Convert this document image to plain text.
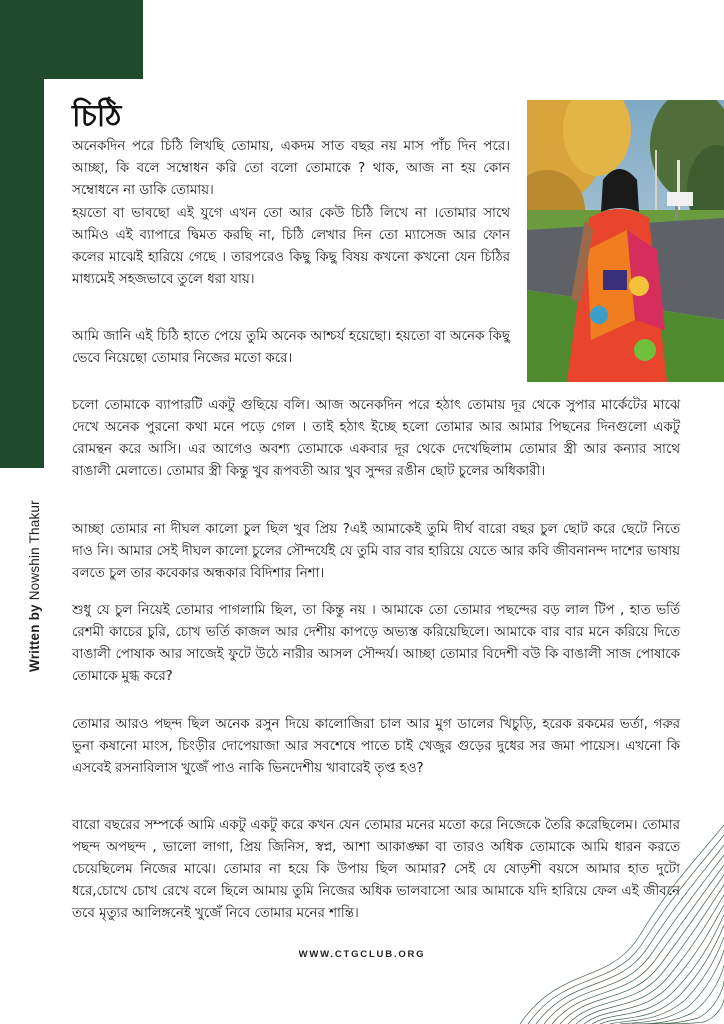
Written by Nowshin Thakur
চিঠি

অনেকদিন পরে চিঠি লিখছি তোমায়, একদম সাত বছর নয় মাস পাঁচ দিন পরে।আচ্ছা, কি বলে সম্বোধন করি তো বলো তোমাকে ? থাক, আজ না হয় কোন সম্বোধনে না ডাকি তোমায়।

হয়তো বা ভাবছো এই যুগে এখন তো আর কেউ চিঠি লিখে না ।তোমার সাথে আমিও এই ব্যাপারে দ্বিমত করছি না, চিঠি লেখার দিন তো ম্যাসেজ আর ফোন কলের মাঝেই হারিয়ে গেছে । তারপরেও কিছু কিছু বিষয় কখনো কখনো যেন চিঠির মাধ্যমেই সহজভাবে তুলে ধরা যায়।

আমি জানি এই চিঠি হাতে পেয়ে তুমি অনেক আশ্চর্য হয়েছো। হয়তো বা অনেক কিছু ভেবে নিয়েছো তোমার নিজের মতো করে।

চলো তোমাকে ব্যাপারটি একটু গুছিয়ে বলি। আজ অনেকদিন পরে হঠাৎ তোমায় দূর থেকে সুপার মার্কেটের মাঝে দেখে অনেক পুরনো কথা মনে পড়ে গেল । তাই হঠাৎ ইচ্ছে হলো তোমার আর আমার পিছনের দিনগুলো একটু রোমন্থন করে আসি। এর আগেও অবশ্য তোমাকে একবার দূর থেকে দেখেছিলাম তোমার স্ত্রী আর কন্যার সাথে বাঙালী মেলাতে। তোমার স্ত্রী কিন্তু খুব রূপবতী আর খুব সুন্দর রঙীন ছোট চুলের অধিকারী।

আচ্ছা তোমার না দীঘল কালো চুল ছিল খুব প্রিয় ?এই আমাকেই তুমি দীর্ঘ বারো বছর চুল ছোট করে ছেটে নিতে দাও নি। আমার সেই দীঘল কালো চুলের সৌন্দর্যেই যে তুমি বার বার হারিয়ে যেতে আর কবি জীবনানন্দ দাশের ভাষায় বলতে চুল তার কবেকার অন্ধকার বিদিশার নিশা।

শুধু যে চুল নিয়েই তোমার পাগলামি ছিল, তা কিন্তু নয় । আমাকে তো তোমার পছন্দের বড় লাল টিপ , হাত ভর্তি রেশমী কাচের চুরি, চোখ ভর্তি কাজল আর দেশীয় কাপড়ে অভ্যস্ত করিয়েছিলে। আমাকে বার বার মনে করিয়ে দিতে বাঙালী পোষাক আর সাজেই ফুটে উঠে নারীর আসল সৌন্দর্য। আচ্ছা তোমার বিদেশী বউ কি বাঙালী সাজ পোষাকে তোমাকে মুগ্ধ করে?

তোমার আরও পছন্দ ছিল অনেক রসুন দিয়ে কালোজিরা চাল আর মুগ ডালের খিচুড়ি, হরেক রকমের ভর্তা, গরুর ভুনা কষানো মাংস, চিংড়ীর দোপেয়াজা আর সবশেষে পাতে চাই খেজুর গুড়ের দুধের সর জমা পায়েস। এখনো কি এসবেই রসনাবিলাস খুজেঁ পাও নাকি ভিনদেশীয় খাবারেই তৃপ্ত হও?

বারো বছরের সম্পর্কে আমি একটু একটু করে কখন যেন তোমার মনের মতো করে নিজেকে তৈরি করেছিলেম। তোমার পছন্দ অপছন্দ , ভালো লাগা, প্রিয় জিনিস, স্বপ্ন, আশা আকাঙ্ক্ষা বা তারও অধিক তোমাকে আমি ধারন করতে চেয়েছিলেম নিজের মাঝে। তোমার না হয়ে কি উপায় ছিল আমার? সেই যে ষোড়শী বয়সে আমার হাত দুটো ধরে,চোখে চোখ রেখে বলে ছিলে আমায় তুমি নিজের অধিক ভালবাসো আর আমাকে যদি হারিয়ে ফেল এই জীবনে তবে মৃত্যুর আলিঙ্গনেই খুজেঁ নিবে তোমার মনের শান্তি।

WWW.CTGCLUB.ORG
